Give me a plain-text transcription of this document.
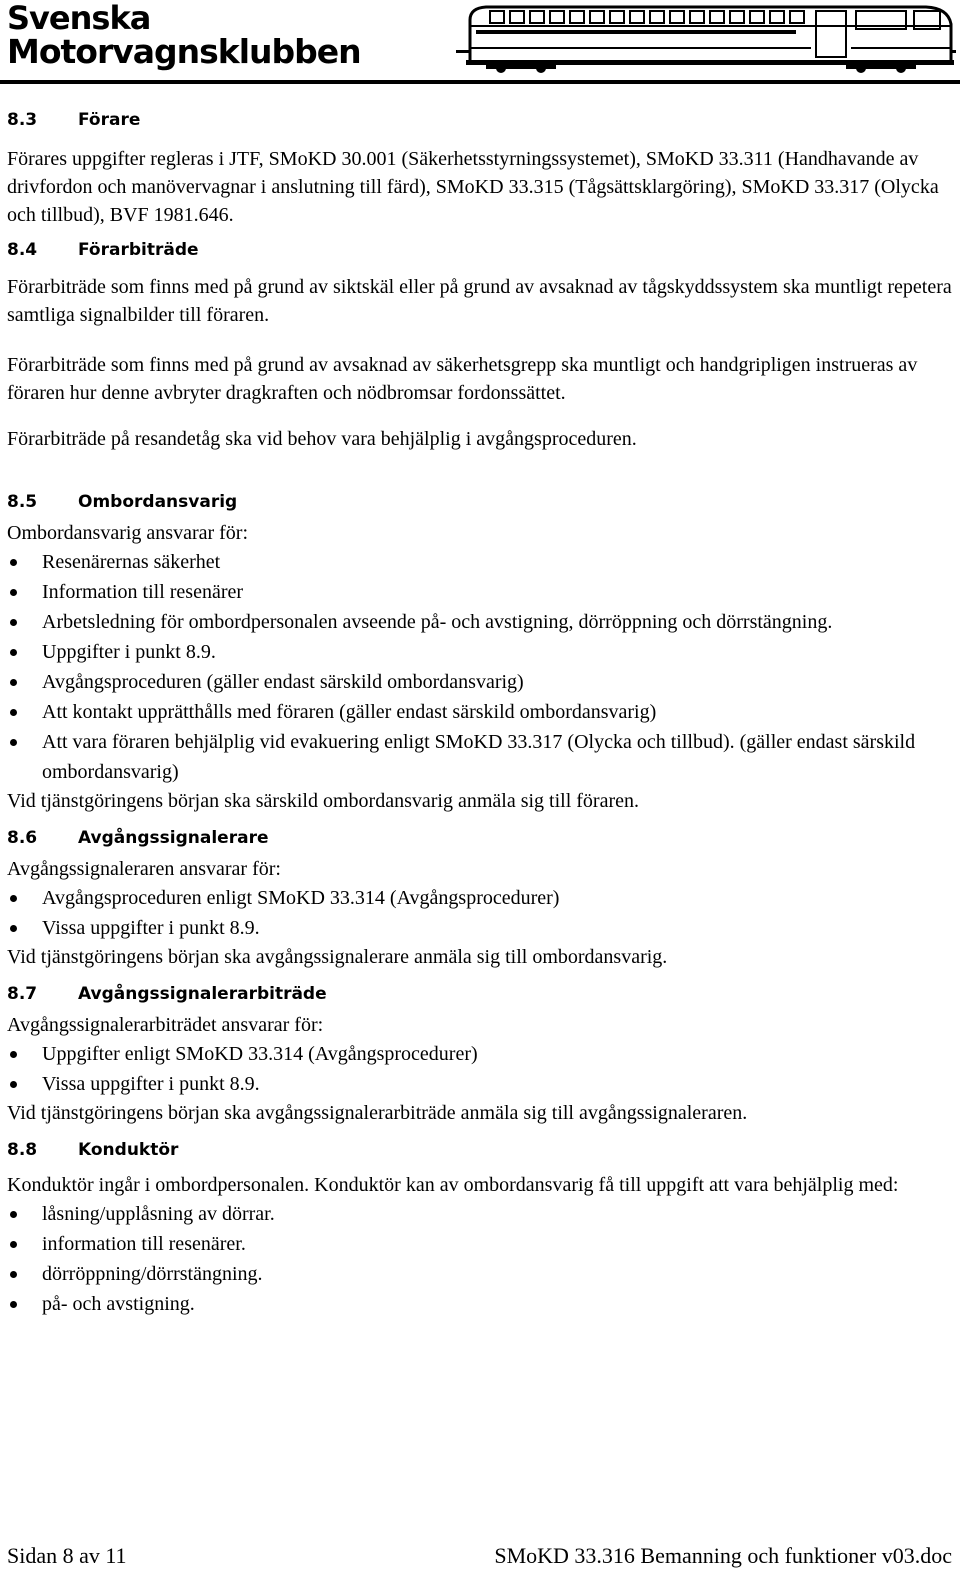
Svenska
Motorvagnsklubben
8.3 Förare

Förares uppgifter regleras i JTF, SMoKD 30.001 (Säkerhetsstyrningssystemet), SMoKD 33.311 (Handhavande av drivfordon och manövervagnar i anslutning till färd), SMoKD 33.315 (Tågsättsklargöring), SMoKD 33.317 (Olycka och tillbud), BVF 1981.646.

8.4 Förarbiträde

Förarbiträde som finns med på grund av siktskäl eller på grund av avsaknad av tågskyddssystem ska muntligt repetera samtliga signalbilder till föraren.

Förarbiträde som finns med på grund av avsaknad av säkerhetsgrepp ska muntligt och handgripligen instrueras av föraren hur denne avbryter dragkraften och nödbromsar fordonssättet.

Förarbiträde på resandetåg ska vid behov vara behjälplig i avgångsproceduren.

8.5 Ombordansvarig

Ombordansvarig ansvarar för:

Resenärernas säkerhet
Information till resenärer
Arbetsledning för ombordpersonalen avseende på- och avstigning, dörröppning och dörrstängning.
Uppgifter i punkt 8.9.
Avgångsproceduren (gäller endast särskild ombordansvarig)
Att kontakt upprätthålls med föraren (gäller endast särskild ombordansvarig)
Att vara föraren behjälplig vid evakuering enligt SMoKD 33.317 (Olycka och tillbud). (gäller endast särskild ombordansvarig)

Vid tjänstgöringens början ska särskild ombordansvarig anmäla sig till föraren.

8.6 Avgångssignalerare

Avgångssignaleraren ansvarar för:

Avgångsproceduren enligt SMoKD 33.314 (Avgångsprocedurer)
Vissa uppgifter i punkt 8.9.

Vid tjänstgöringens början ska avgångssignalerare anmäla sig till ombordansvarig.

8.7 Avgångssignalerarbiträde

Avgångssignalerarbiträdet ansvarar för:

Uppgifter enligt SMoKD 33.314 (Avgångsprocedurer)
Vissa uppgifter i punkt 8.9.

Vid tjänstgöringens början ska avgångssignalerarbiträde anmäla sig till avgångssignaleraren.

8.8 Konduktör

Konduktör ingår i ombordpersonalen. Konduktör kan av ombordansvarig få till uppgift att vara behjälplig med:

låsning/upplåsning av dörrar.
information till resenärer.
dörröppning/dörrstängning.
på- och avstigning.
Sidan 8 av 11	SMoKD 33.316 Bemanning och funktioner v03.doc
